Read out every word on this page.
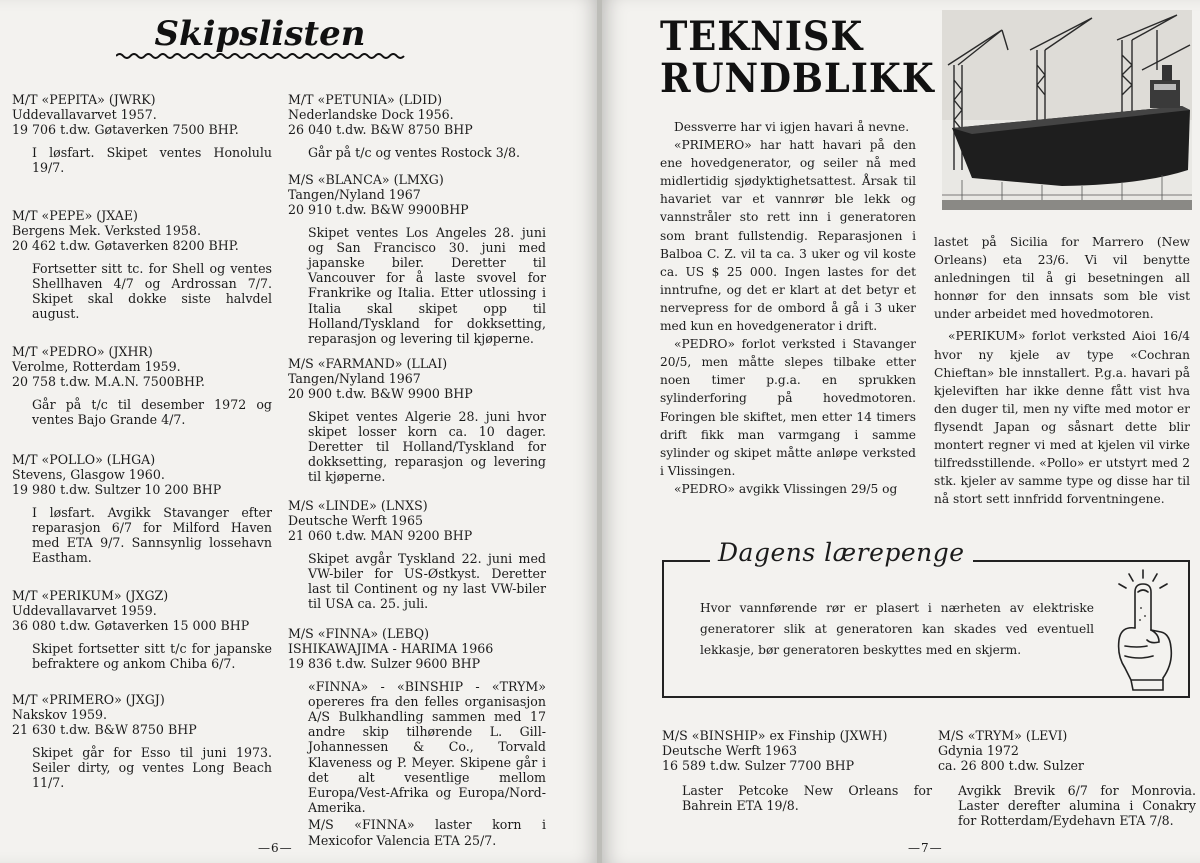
Skipslisten
M/T «PEPITA» (JWRK)
Uddevallavarvet 1957.
19 706 t.dw. Gøtaverken 7500 BHP.
I løsfart. Skipet ventes Honolulu 19/7.
M/T «PEPE» (JXAE)
Bergens Mek. Verksted 1958.
20 462 t.dw. Gøtaverken 8200 BHP.
Fortsetter sitt tc. for Shell og ventes Shellhaven 4/7 og Ardrossan 7/7. Skipet skal dokke siste halvdel august.
M/T «PEDRO» (JXHR)
Verolme, Rotterdam 1959.
20 758 t.dw. M.A.N. 7500BHP.
Går på t/c til desember 1972 og ventes Bajo Grande 4/7.
M/T «POLLO» (LHGA)
Stevens, Glasgow 1960.
19 980 t.dw. Sultzer 10 200 BHP
I løsfart. Avgikk Stavanger efter reparasjon 6/7 for Milford Haven med ETA 9/7. Sannsynlig lossehavn Eastham.
M/T «PERIKUM» (JXGZ)
Uddevallavarvet 1959.
36 080 t.dw. Gøtaverken 15 000 BHP
Skipet fortsetter sitt t/c for japanske befraktere og ankom Chiba 6/7.
M/T «PRIMERO» (JXGJ)
Nakskov 1959.
21 630 t.dw. B&W 8750 BHP
Skipet går for Esso til juni 1973. Seiler dirty, og ventes Long Beach 11/7.
M/T «PETUNIA» (LDID)
Nederlandske Dock 1956.
26 040 t.dw. B&W 8750 BHP
Går på t/c og ventes Rostock 3/8.
M/S «BLANCA» (LMXG)
Tangen/Nyland 1967
20 910 t.dw. B&W 9900BHP
Skipet ventes Los Angeles 28. juni og San Francisco 30. juni med japanske biler. Deretter til Vancouver for å laste svovel for Frankrike og Italia. Etter utlossing i Italia skal skipet opp til Holland/Tyskland for dokksetting, reparasjon og levering til kjøperne.
M/S «FARMAND» (LLAI)
Tangen/Nyland 1967
20 900 t.dw. B&W 9900 BHP
Skipet ventes Algerie 28. juni hvor skipet losser korn ca. 10 dager. Deretter til Holland/Tyskland for dokksetting, reparasjon og levering til kjøperne.
M/S «LINDE» (LNXS)
Deutsche Werft 1965
21 060 t.dw. MAN 9200 BHP
Skipet avgår Tyskland 22. juni med VW-biler for US-Østkyst. Deretter last til Continent og ny last VW-biler til USA ca. 25. juli.
M/S «FINNA» (LEBQ)
ISHIKAWAJIMA - HARIMA 1966
19 836 t.dw. Sulzer 9600 BHP
«FINNA» - «BINSHIP - «TRYM» opereres fra den felles organisasjon A/S Bulkhandling sammen med 17 andre skip tilhørende L. Gill-Johannessen & Co., Torvald Klaveness og P. Meyer. Skipene går i det alt vesentlige mellom Europa/Vest-Afrika og Europa/Nord-Amerika.
M/S «FINNA» laster korn i Mexicofor Valencia ETA 25/7.
—6—
TEKNISK
RUNDBLIKK

Dessverre har vi igjen havari å nevne.

«PRIMERO» har hatt havari på den ene hovedgenerator, og seiler nå med midlertidig sjødyktighetsattest. Årsak til havariet var et vannrør ble lekk og vannstråler sto rett inn i generatoren som brant fullstendig. Reparasjonen i Balboa C. Z. vil ta ca. 3 uker og vil koste ca. US $ 25 000. Ingen lastes for det inntrufne, og det er klart at det betyr et nervepress for de ombord å gå i 3 uker med kun en hovedgenerator i drift.

«PEDRO» forlot verksted i Stavanger 20/5, men måtte slepes tilbake etter noen timer p.g.a. en sprukken sylinderforing på hovedmotoren. Foringen ble skiftet, men etter 14 timers drift fikk man varmgang i samme sylinder og skipet måtte anløpe verksted i Vlissingen.

«PEDRO» avgikk Vlissingen 29/5 og

lastet på Sicilia for Marrero (New Orleans) eta 23/6. Vi vil benytte anledningen til å gi besetningen all honnør for den innsats som ble vist under arbeidet med hovedmotoren.

«PERIKUM» forlot verksted Aioi 16/4 hvor ny kjele av type «Cochran Chieftan» ble innstallert. P.g.a. havari på kjeleviften har ikke denne fått vist hva den duger til, men ny vifte med motor er flysendt Japan og såsnart dette blir montert regner vi med at kjelen vil virke tilfredsstillende. «Pollo» er utstyrt med 2 stk. kjeler av samme type og disse har til nå stort sett innfridd forventningene.

Dagens lærepenge
Hvor vannførende rør er plasert i nærheten av elektriske generatorer slik at generatoren kan skades ved eventuell lekkasje, bør generatoren beskyttes med en skjerm.
M/S «BINSHIP» ex Finship (JXWH)
Deutsche Werft 1963
16 589 t.dw. Sulzer 7700 BHP
Laster Petcoke New Orleans for Bahrein ETA 19/8.
M/S «TRYM» (LEVI)
Gdynia 1972
ca. 26 800 t.dw. Sulzer
Avgikk Brevik 6/7 for Monrovia. Laster derefter alumina i Conakry for Rotterdam/Eydehavn ETA 7/8.
—7—
